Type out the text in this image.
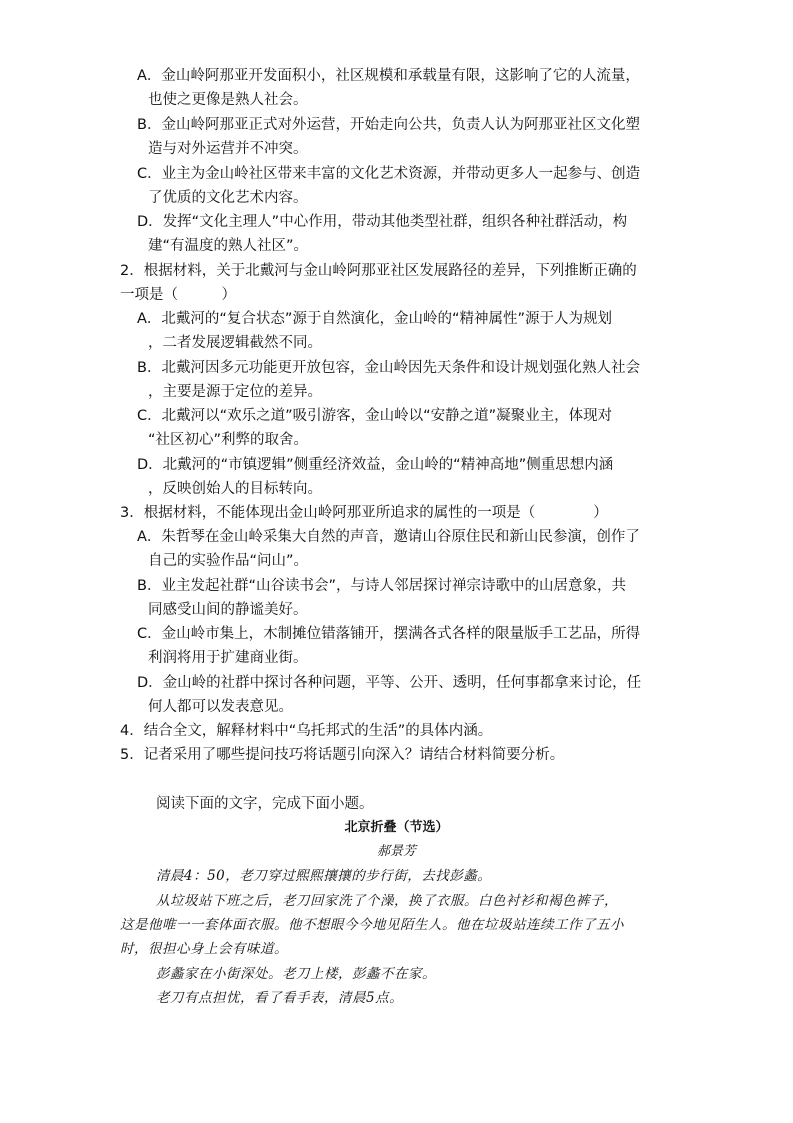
A．金山岭阿那亚开发面积小，社区规模和承载量有限，这影响了它的人流量，
也使之更像是熟人社会。
B．金山岭阿那亚正式对外运营，开始走向公共，负责人认为阿那亚社区文化塑
造与对外运营并不冲突。
C．业主为金山岭社区带来丰富的文化艺术资源，并带动更多人一起参与、创造
了优质的文化艺术内容。
D．发挥“文化主理人”中心作用，带动其他类型社群，组织各种社群活动，构
建“有温度的熟人社区”。
2．根据材料，关于北戴河与金山岭阿那亚社区发展路径的差异，下列推断正确的
一项是（　　　）
A．北戴河的“复合状态”源于自然演化，金山岭的“精神属性”源于人为规划
，二者发展逻辑截然不同。
B．北戴河因多元功能更开放包容，金山岭因先天条件和设计规划强化熟人社会
，主要是源于定位的差异。
C．北戴河以“欢乐之道”吸引游客，金山岭以“安静之道”凝聚业主，体现对
“社区初心”利弊的取舍。
D．北戴河的“市镇逻辑”侧重经济效益，金山岭的“精神高地”侧重思想内涵
，反映创始人的目标转向。
3．根据材料，不能体现出金山岭阿那亚所追求的属性的一项是（　　　　）
A．朱哲琴在金山岭采集大自然的声音，邀请山谷原住民和新山民参演，创作了
自己的实验作品“问山”。
B．业主发起社群“山谷读书会”，与诗人邻居探讨禅宗诗歌中的山居意象，共
同感受山间的静谧美好。
C．金山岭市集上，木制摊位错落铺开，摆满各式各样的限量版手工艺品，所得
利润将用于扩建商业街。
D．金山岭的社群中探讨各种问题，平等、公开、透明，任何事都拿来讨论，任
何人都可以发表意见。
4．结合全文，解释材料中“乌托邦式的生活”的具体内涵。
5．记者采用了哪些提问技巧将话题引向深入？请结合材料简要分析。
阅读下面的文字，完成下面小题。
北京折叠（节选）
郝景芳
清晨4：50，老刀穿过熙熙攘攘的步行街，去找彭蠡。
从垃圾站下班之后，老刀回家洗了个澡，换了衣服。白色衬衫和褐色裤子，
这是他唯一一套体面衣服。他不想眼今今地见陌生人。他在垃圾站连续工作了五小
时，很担心身上会有味道。
彭蠡家在小街深处。老刀上楼，彭蠡不在家。
老刀有点担忧，看了看手表，清晨5点。
